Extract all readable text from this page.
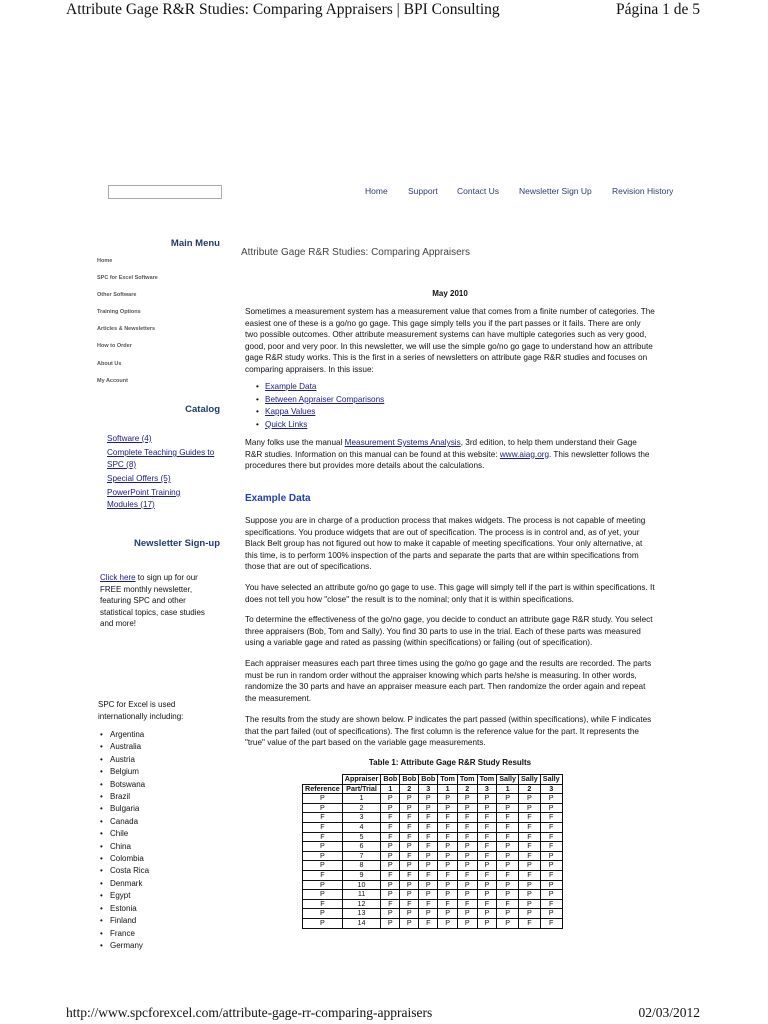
Attribute Gage R&R Studies: Comparing Appraisers | BPI Consulting	Página 1 de 5
Home Support Contact Us Newsletter Sign Up Revision History
Main Menu
Home
SPC for Excel Software
Other Software
Training Options
Articles & Newsletters
How to Order
About Us
My Account
Catalog
Software (4)
Complete Teaching Guides to SPC (8)
Special Offers (5)
PowerPoint Training Modules (17)
Newsletter Sign-up
Click here to sign up for our FREE monthly newsletter, featuring SPC and other statistical topics, case studies and more!
SPC for Excel is used internationally including:
• Argentina
• Australia
• Austria
• Belgium
• Botswana
• Brazil
• Bulgaria
• Canada
• Chile
• China
• Colombia
• Costa Rica
• Denmark
• Egypt
• Estonia
• Finland
• France
• Germany
Attribute Gage R&R Studies: Comparing Appraisers
May 2010
Sometimes a measurement system has a measurement value that comes from a finite number of categories. The easiest one of these is a go/no go gage. This gage simply tells you if the part passes or it fails. There are only two possible outcomes. Other attribute measurement systems can have multiple categories such as very good, good, poor and very poor. In this newsletter, we will use the simple go/no go gage to understand how an attribute gage R&R study works. This is the first in a series of newsletters on attribute gage R&R studies and focuses on comparing appraisers. In this issue:
• Example Data
• Between Appraiser Comparisons
• Kappa Values
• Quick Links
Many folks use the manual Measurement Systems Analysis, 3rd edition, to help them understand their Gage R&R studies. Information on this manual can be found at this website: www.aiag.org. This newsletter follows the procedures there but provides more details about the calculations.
Example Data
Suppose you are in charge of a production process that makes widgets. The process is not capable of meeting specifications. You produce widgets that are out of specification. The process is in control and, as of yet, your Black Belt group has not figured out how to make it capable of meeting specifications. Your only alternative, at this time, is to perform 100% inspection of the parts and separate the parts that are within specifications from those that are out of specifications.
You have selected an attribute go/no go gage to use. This gage will simply tell if the part is within specifications. It does not tell you how "close" the result is to the nominal; only that it is within specifications.
To determine the effectiveness of the go/no gage, you decide to conduct an attribute gage R&R study. You select three appraisers (Bob, Tom and Sally). You find 30 parts to use in the trial. Each of these parts was measured using a variable gage and rated as passing (within specifications) or failing (out of specification).
Each appraiser measures each part three times using the go/no go gage and the results are recorded. The parts must be run in random order without the appraiser knowing which parts he/she is measuring. In other words, randomize the 30 parts and have an appraiser measure each part. Then randomize the order again and repeat the measurement.
The results from the study are shown below. P indicates the part passed (within specifications), while F indicates that the part failed (out of specifications). The first column is the reference value for the part. It represents the "true" value of the part based on the variable gage measurements.
Table 1: Attribute Gage R&R Study Results
	Appraiser	Bob	Bob	Bob	Tom	Tom	Tom	Sally	Sally	Sally
Reference	Part/Trial	1	2	3	1	2	3	1	2	3
P	1	P	P	P	P	P	P	P	P	P
P	2	P	P	P	P	P	P	P	P	P
F	3	F	F	F	F	F	F	F	F	F
F	4	F	F	F	F	F	F	F	F	F
F	5	F	F	F	F	F	F	F	F	F
P	6	P	P	F	P	P	F	P	F	F
P	7	P	F	P	P	P	F	P	F	P
P	8	P	P	P	P	P	P	P	P	P
F	9	F	F	F	F	F	F	F	F	F
P	10	P	P	P	P	P	P	P	P	P
P	11	P	P	P	P	P	P	P	P	P
F	12	F	F	F	F	F	F	F	P	F
P	13	P	P	P	P	P	P	P	P	P
P	14	P	P	F	P	P	P	P	F	F
http://www.spcforexcel.com/attribute-gage-rr-comparing-appraisers	02/03/2012
